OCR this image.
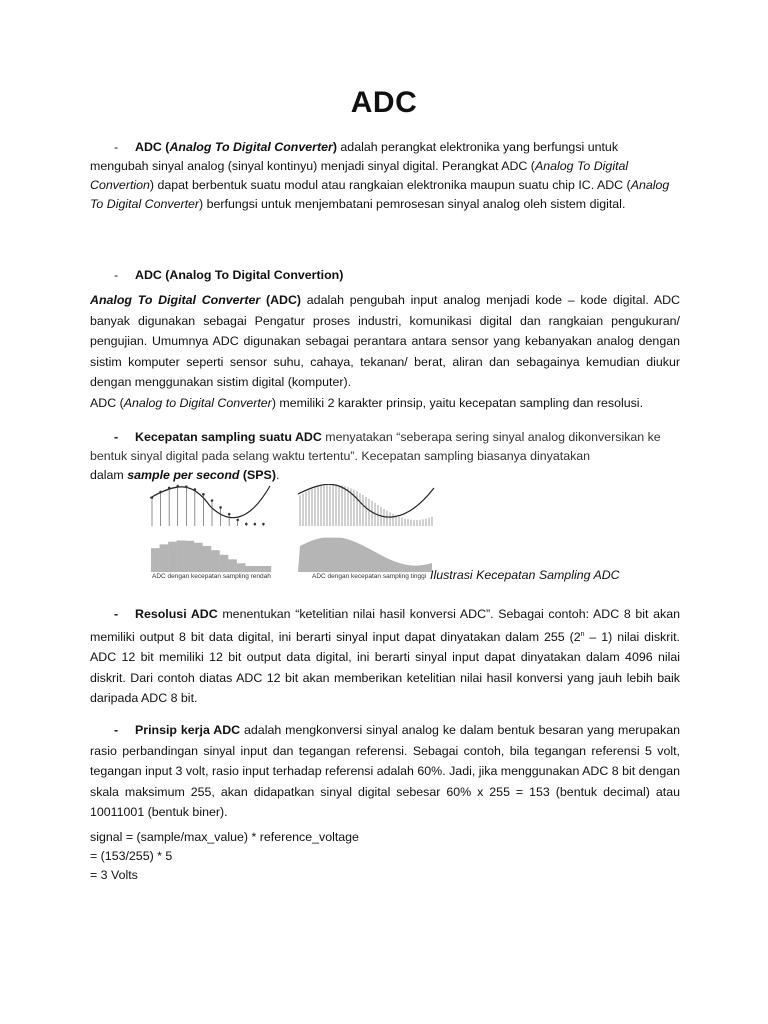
ADC

- ADC (Analog To Digital Converter) adalah perangkat elektronika yang berfungsi untuk mengubah sinyal analog (sinyal kontinyu) menjadi sinyal digital. Perangkat ADC (Analog To Digital Convertion) dapat berbentuk suatu modul atau rangkaian elektronika maupun suatu chip IC. ADC (Analog To Digital Converter) berfungsi untuk menjembatani pemrosesan sinyal analog oleh sistem digital.

- ADC (Analog To Digital Convertion)

Analog To Digital Converter (ADC) adalah pengubah input analog menjadi kode – kode digital. ADC banyak digunakan sebagai Pengatur proses industri, komunikasi digital dan rangkaian pengukuran/ pengujian. Umumnya ADC digunakan sebagai perantara antara sensor yang kebanyakan analog dengan sistim komputer seperti sensor suhu, cahaya, tekanan/ berat, aliran dan sebagainya kemudian diukur dengan menggunakan sistim digital (komputer).
ADC (Analog to Digital Converter) memiliki 2 karakter prinsip, yaitu kecepatan sampling dan resolusi.

- Kecepatan sampling suatu ADC menyatakan “seberapa sering sinyal analog dikonversikan ke bentuk sinyal digital pada selang waktu tertentu”. Kecepatan sampling biasanya dinyatakan
dalam sample per second (SPS).

ADC dengan kecepatan sampling rendah	ADC dengan kecepatan sampling tinggi Ilustrasi Kecepatan Sampling ADC

- Resolusi ADC menentukan “ketelitian nilai hasil konversi ADC”. Sebagai contoh: ADC 8 bit akan memiliki output 8 bit data digital, ini berarti sinyal input dapat dinyatakan dalam 255 (2$^n$ – 1) nilai diskrit. ADC 12 bit memiliki 12 bit output data digital, ini berarti sinyal input dapat dinyatakan dalam 4096 nilai diskrit. Dari contoh diatas ADC 12 bit akan memberikan ketelitian nilai hasil konversi yang jauh lebih baik daripada ADC 8 bit.

- Prinsip kerja ADC adalah mengkonversi sinyal analog ke dalam bentuk besaran yang merupakan rasio perbandingan sinyal input dan tegangan referensi. Sebagai contoh, bila tegangan referensi 5 volt, tegangan input 3 volt, rasio input terhadap referensi adalah 60%. Jadi, jika menggunakan ADC 8 bit dengan skala maksimum 255, akan didapatkan sinyal digital sebesar 60% x 255 = 153 (bentuk decimal) atau 10011001 (bentuk biner).

signal = (sample/max_value) * reference_voltage
= (153/255) * 5
= 3 Volts
